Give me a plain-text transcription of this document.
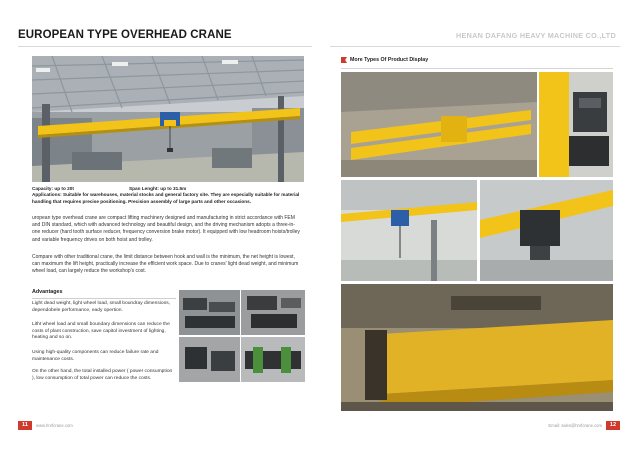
EUROPEAN TYPE OVERHEAD CRANE	HENAN DAFANG HEAVY MACHINE CO.,LTD
Capacity: up to 20t	Span Lenght: up to 31.5m
Applications: Suitable for warehouses, material stocks and general factory site. They are especially suitable for material handling that requires precise positioning. Precision assembly of large parts and other occasions.
uropean type overhead crane are compact lifting machinery designed and manufacturing in strict accordance with FEM and DIN standard, which with advanced technology and beautiful design, and the driving mechanism adopts a three-in-one reducer (hard tooth surface reducer, frequency conversion brake motor). It equipped with low headroom hoists/trolley and variable frequency drives on both hoist and trolley.
Compare with other traditional crane, the limit distance between hook and wall is the minimum, the net height is lowest, can maximum the lift height, practically increase the efficient work space. Due to cranes' light dead weight, and minimum wheel load, can largely reduce the workshop's cost.
Advantages
Light dead weight, light wheel load, small boundray dimensions, dependobele performance, eady opertion.
Litht wheel load and small boundary dimensions can reduce the costs of plant construction, save capitol investment of lighting, heating and so on.
Using high-quality components can reduce failure rate and maintenance costs.
On the other hand, the total installed power ( power consumption ), low consumption of total power can reduce the costs.
More Types Of Product Display
11	www.hnrfcrane.com	Email: sales@hnrfcrane.com	12
